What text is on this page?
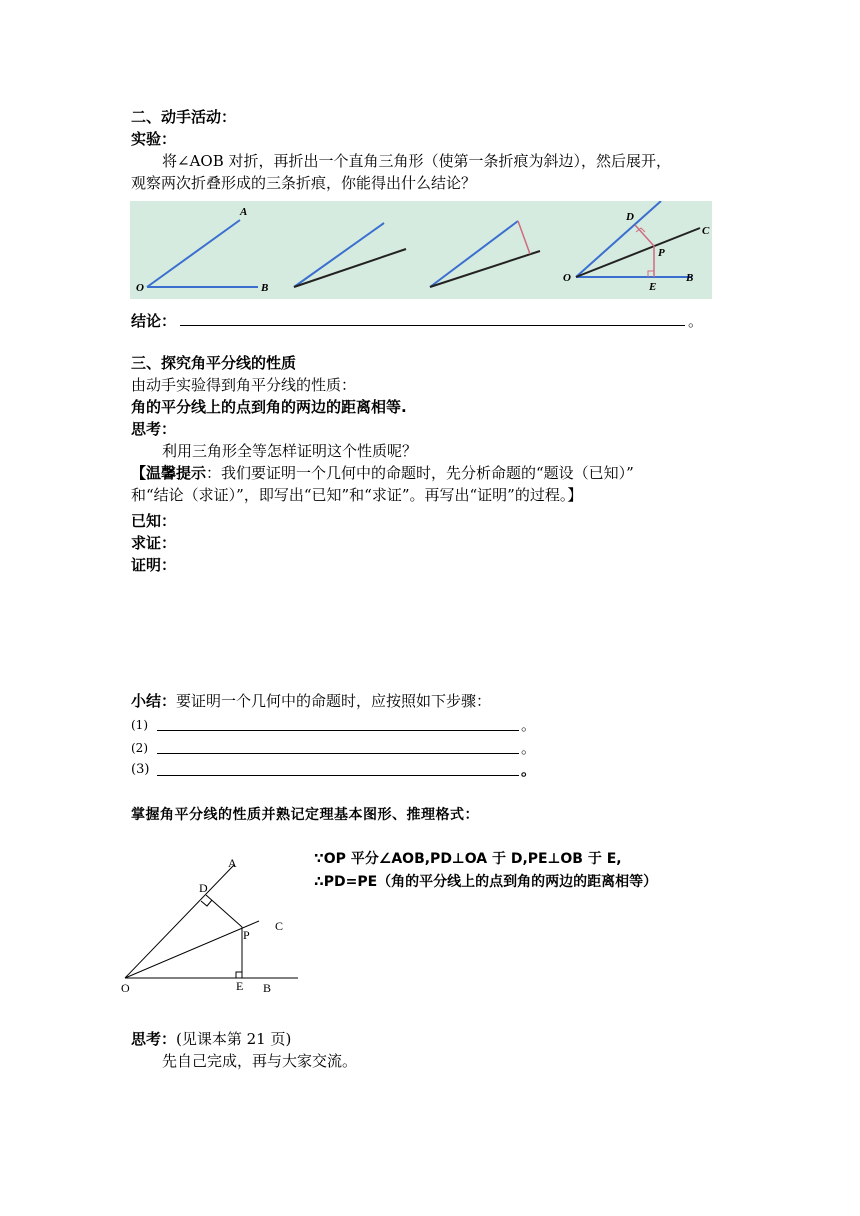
二、动手活动：
实验：
将∠AOB 对折，再折出一个直角三角形（使第一条折痕为斜边），然后展开，
观察两次折叠形成的三条折痕，你能得出什么结论？
A
O	B
D
C
P
O	B
E
结论：	。
三、探究角平分线的性质
由动手实验得到角平分线的性质：
角的平分线上的点到角的两边的距离相等.
思考：
利用三角形全等怎样证明这个性质呢？
【温馨提示：我们要证明一个几何中的命题时，先分析命题的“题设（已知）”
和“结论（求证）”，即写出“已知”和“求证”。再写出“证明”的过程。】
已知：
求证：
证明：
小结：要证明一个几何中的命题时，应按照如下步骤：
(1)	。
(2)	。
(3)	。
掌握角平分线的性质并熟记定理基本图形、推理格式：
A
D
C
P
O	E B
∵OP 平分∠AOB,PD⊥OA 于 D,PE⊥OB 于 E,
∴PD=PE（角的平分线上的点到角的两边的距离相等）
思考：(见课本第 21 页)
先自己完成，再与大家交流。
